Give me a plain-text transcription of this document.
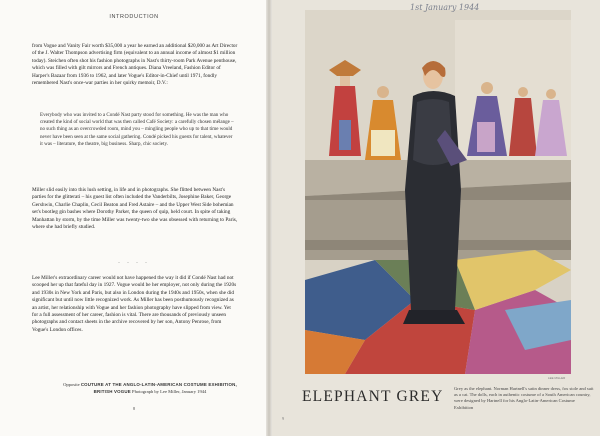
INTRODUCTION

from Vogue and Vanity Fair worth $35,000 a year he earned an additional $20,000 as Art Director of the J. Walter Thompson advertising firm (equivalent to an annual income of almost $1 million today). Steichen often shot his fashion photographs in Nast's thirty-room Park Avenue penthouse, which was filled with gilt mirrors and French antiques. Diana Vreeland, Fashion Editor of Harper's Bazaar from 1936 to 1962, and later Vogue's Editor-in-Chief until 1971, fondly remembered Nast's once-war parties in her quirky memoir, D.V.:

Everybody who was invited to a Condé Nast party stood for something. He was the man who created the kind of social world that was then called Café Society: a carefully chosen mélange – no such thing as an overcrowded room, mind you – mingling people who up to that time would never have been seen at the same social gathering. Condé picked his guests for talent, whatever it was – literature, the theatre, big business. Sharp, chic society.

Miller slid easily into this lush setting, in life and in photographs. She flitted between Nast's parties for the glitterati – his guest list often included the Vanderbilts, Josephine Baker, George Gershwin, Charlie Chaplin, Cecil Beaton and Fred Astaire – and the Upper West Side bohemian set's bootleg gin bashes where Dorothy Parker, the queen of quip, held court. In spite of taking Manhattan by storm, by the time Miller was twenty-two she was obsessed with returning to Paris, where she had briefly studied.

. . . .

Lee Miller's extraordinary career would not have happened the way it did if Condé Nast had not scooped her up that fateful day in 1927. Vogue would be her employer, not only during the 1920s and 1930s in New York and Paris, but also in London during the 1940s and 1950s, when she did significant but until now little recognized work. As Miller has been posthumously recognized as an artist, her relationship with Vogue and her fashion photography have slipped from view. Yet for a full assessment of her career, fashion is vital. There are thousands of previously unseen photographs and contact sheets in the archive recovered by her son, Antony Penrose, from Vogue's London offices.

Opposite COUTURE AT THE ANGLO-LATIN-AMERICAN COSTUME EXHIBITION, BRITISH VOGUE Photograph by Lee Miller, January 1944
8
1st January 1944
LEE MILLER
ELEPHANT GREY Grey as the elephant. Norman Hartnell's satin dinner dress, fox stole and suit as a cat. The dolls, each in authentic costume of a South American country, were designed by Hartnell for his Anglo-Latin-American Costume Exhibition
9
